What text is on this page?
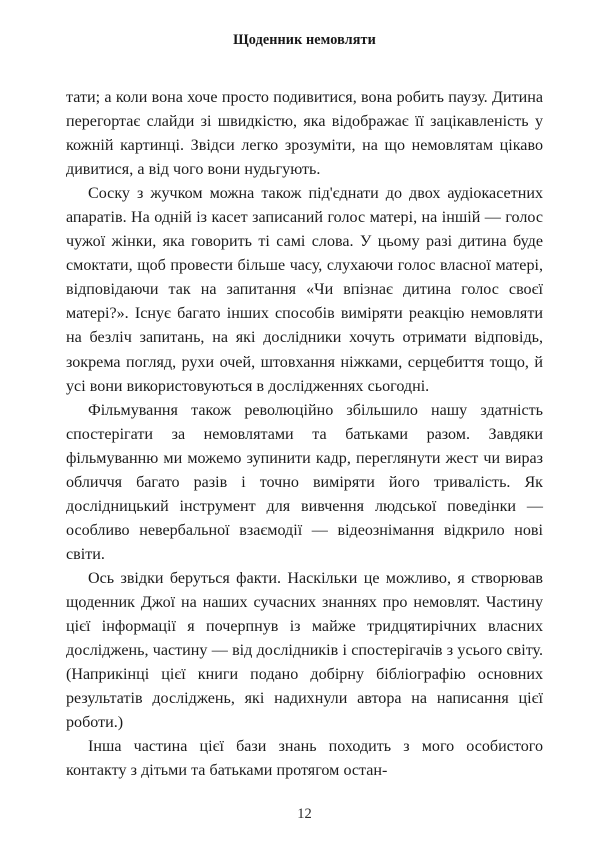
Щоденник немовляти

тати; а коли вона хоче просто подивитися, вона робить паузу. Дитина перегортає слайди зі швидкістю, яка відображає її зацікавленість у кожній картинці. Звідси легко зрозуміти, на що немовлятам цікаво дивитися, а від чого вони нудьгують.

Соску з жучком можна також під'єднати до двох аудіокасетних апаратів. На одній із касет записаний голос матері, на іншій — голос чужої жінки, яка говорить ті самі слова. У цьому разі дитина буде смоктати, щоб провести більше часу, слухаючи голос власної матері, відповідаючи так на запитання «Чи впізнає дитина голос своєї матері?». Існує багато інших способів виміряти реакцію немовляти на безліч запитань, на які дослідники хочуть отримати відповідь, зокрема погляд, рухи очей, штовхання ніжками, серцебиття тощо, й усі вони використовуються в дослідженнях сьогодні.

Фільмування також революційно збільшило нашу здатність спостерігати за немовлятами та батьками разом. Завдяки фільмуванню ми можемо зупинити кадр, переглянути жест чи вираз обличчя багато разів і точно виміряти його тривалість. Як дослідницький інструмент для вивчення людської поведінки — особливо невербальної взаємодії — відеознімання відкрило нові світи.

Ось звідки беруться факти. Наскільки це можливо, я створював щоденник Джої на наших сучасних знаннях про немовлят. Частину цієї інформації я почерпнув із майже тридцятирічних власних досліджень, частину — від дослідників і спостерігачів з усього світу. (Наприкінці цієї книги подано добірну бібліографію основних результатів досліджень, які надихнули автора на написання цієї роботи.)

Інша частина цієї бази знань походить з мого особистого контакту з дітьми та батьками протягом остан-

12
